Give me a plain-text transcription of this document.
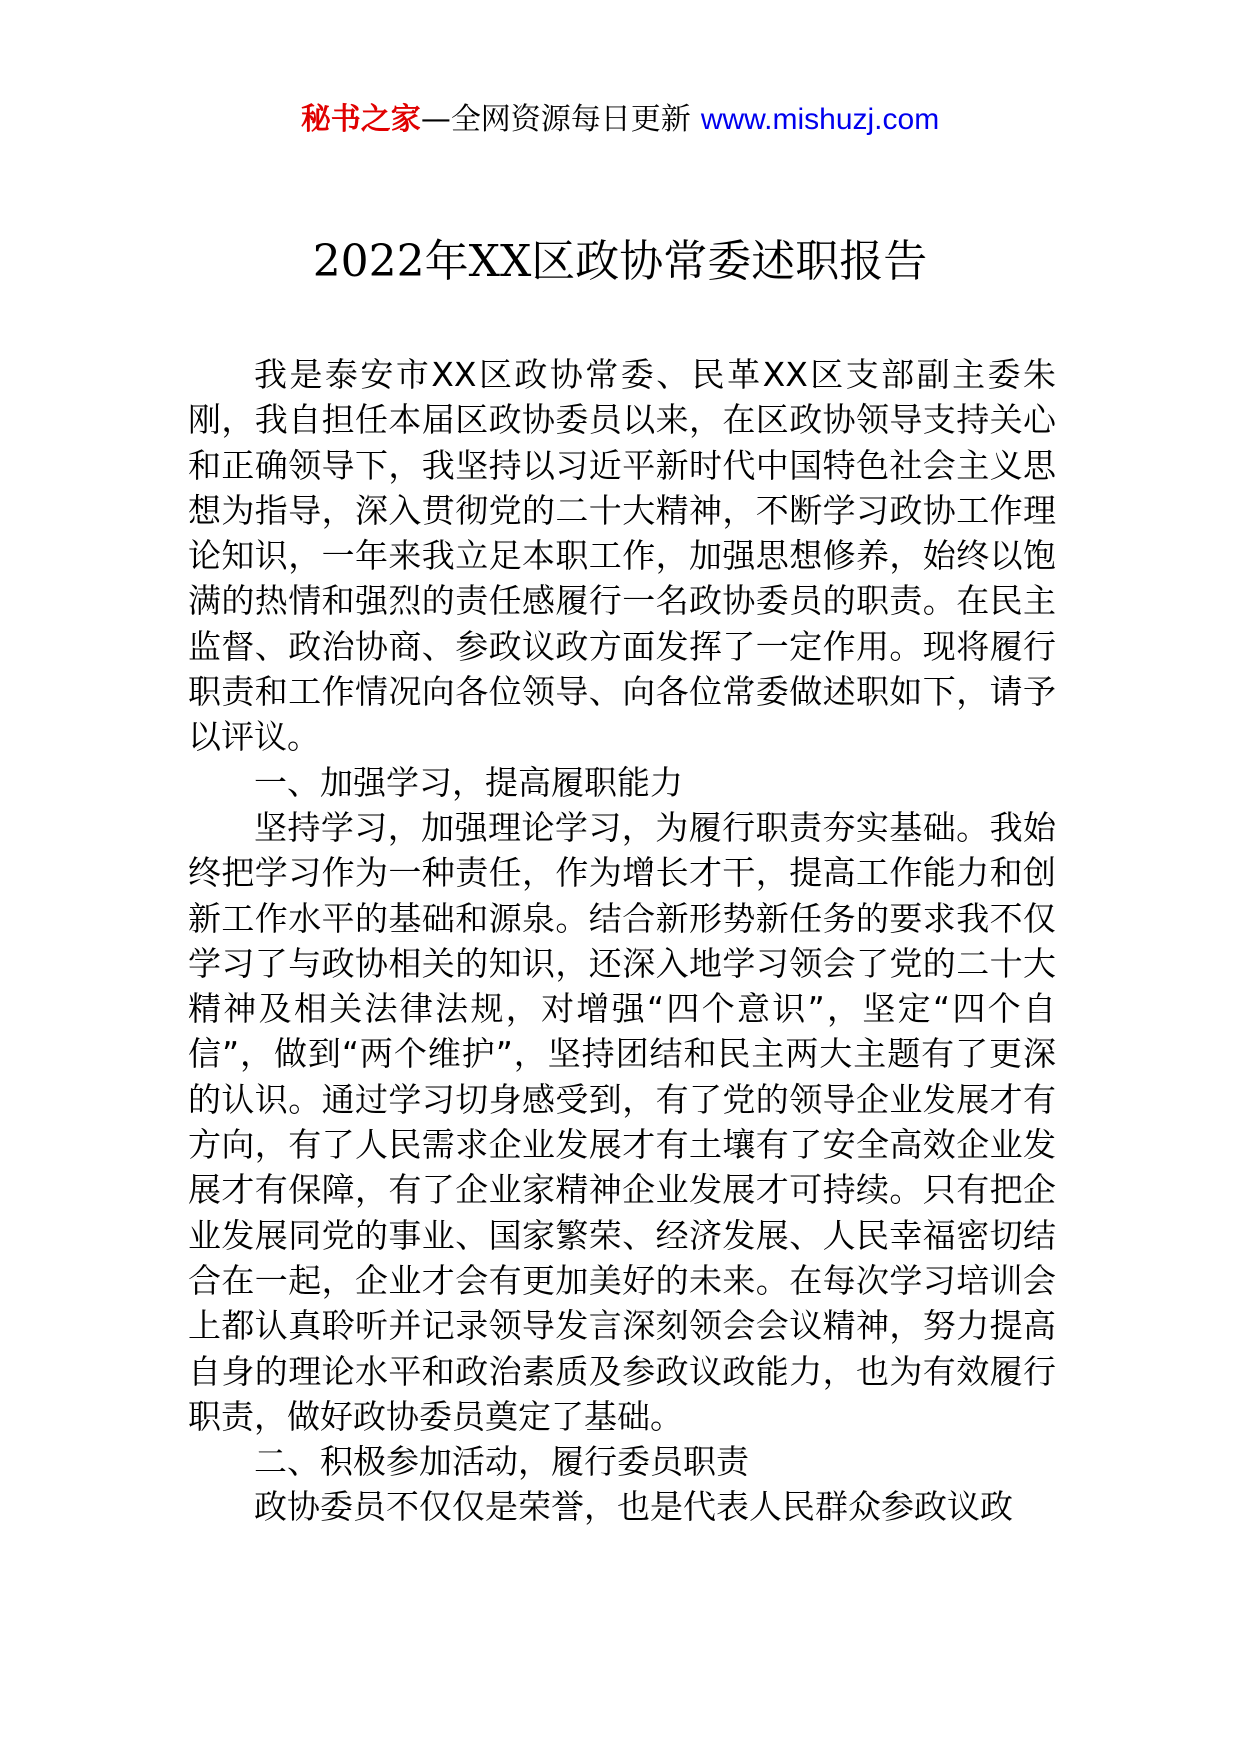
秘书之家—全网资源每日更新 www.mishuzj.com
2022年XX区政协常委述职报告

我是泰安市XX区政协常委、民革XX区支部副主委朱刚，我自担任本届区政协委员以来，在区政协领导支持关心和正确领导下，我坚持以习近平新时代中国特色社会主义思想为指导，深入贯彻党的二十大精神，不断学习政协工作理论知识，一年来我立足本职工作，加强思想修养，始终以饱满的热情和强烈的责任感履行一名政协委员的职责。在民主监督、政治协商、参政议政方面发挥了一定作用。现将履行职责和工作情况向各位领导、向各位常委做述职如下，请予以评议。

一、加强学习，提高履职能力

坚持学习，加强理论学习，为履行职责夯实基础。我始终把学习作为一种责任，作为增长才干，提高工作能力和创新工作水平的基础和源泉。结合新形势新任务的要求我不仅学习了与政协相关的知识，还深入地学习领会了党的二十大精神及相关法律法规，对增强“四个意识”，坚定“四个自信”，做到“两个维护”，坚持团结和民主两大主题有了更深的认识。通过学习切身感受到，有了党的领导企业发展才有方向，有了人民需求企业发展才有土壤有了安全高效企业发展才有保障，有了企业家精神企业发展才可持续。只有把企业发展同党的事业、国家繁荣、经济发展、人民幸福密切结合在一起，企业才会有更加美好的未来。在每次学习培训会上都认真聆听并记录领导发言深刻领会会议精神，努力提高自身的理论水平和政治素质及参政议政能力，也为有效履行职责，做好政协委员奠定了基础。

二、积极参加活动，履行委员职责

政协委员不仅仅是荣誉，也是代表人民群众参政议政
